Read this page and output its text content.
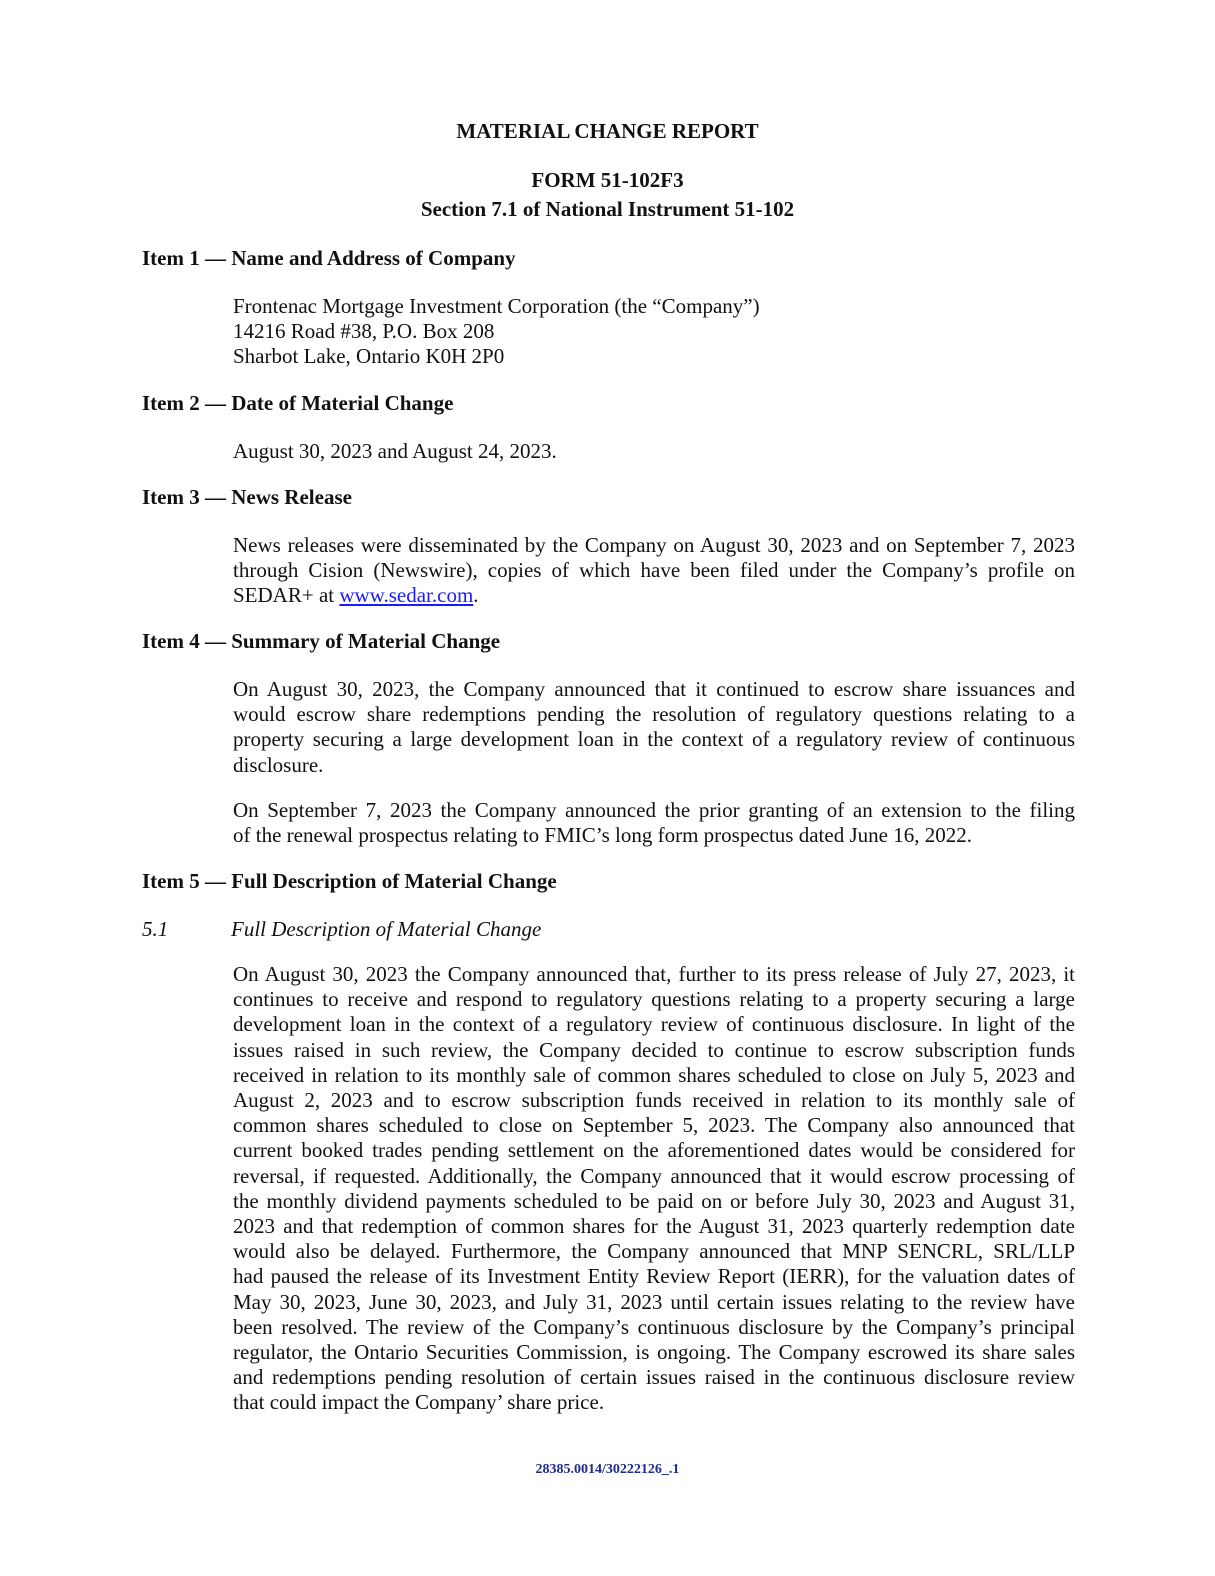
MATERIAL CHANGE REPORT
FORM 51-102F3
Section 7.1 of National Instrument 51-102
Item 1 — Name and Address of Company
Frontenac Mortgage Investment Corporation (the “Company”)
14216 Road #38, P.O. Box 208
Sharbot Lake, Ontario K0H 2P0
Item 2 — Date of Material Change
August 30, 2023 and August 24, 2023.
Item 3 — News Release
News releases were disseminated by the Company on August 30, 2023 and on September 7, 2023
through Cision (Newswire), copies of which have been filed under the Company’s profile on
SEDAR+ at www.sedar.com.
Item 4 — Summary of Material Change
On August 30, 2023, the Company announced that it continued to escrow share issuances and
would escrow share redemptions pending the resolution of regulatory questions relating to a
property securing a large development loan in the context of a regulatory review of continuous
disclosure.
On September 7, 2023 the Company announced the prior granting of an extension to the filing
of the renewal prospectus relating to FMIC’s long form prospectus dated June 16, 2022.
Item 5 — Full Description of Material Change
5.1	Full Description of Material Change
On August 30, 2023 the Company announced that, further to its press release of July 27, 2023, it
continues to receive and respond to regulatory questions relating to a property securing a large
development loan in the context of a regulatory review of continuous disclosure. In light of the
issues raised in such review, the Company decided to continue to escrow subscription funds
received in relation to its monthly sale of common shares scheduled to close on July 5, 2023 and
August 2, 2023 and to escrow subscription funds received in relation to its monthly sale of
common shares scheduled to close on September 5, 2023. The Company also announced that
current booked trades pending settlement on the aforementioned dates would be considered for
reversal, if requested. Additionally, the Company announced that it would escrow processing of
the monthly dividend payments scheduled to be paid on or before July 30, 2023 and August 31,
2023 and that redemption of common shares for the August 31, 2023 quarterly redemption date
would also be delayed. Furthermore, the Company announced that MNP SENCRL, SRL/LLP
had paused the release of its Investment Entity Review Report (IERR), for the valuation dates of
May 30, 2023, June 30, 2023, and July 31, 2023 until certain issues relating to the review have
been resolved. The review of the Company’s continuous disclosure by the Company’s principal
regulator, the Ontario Securities Commission, is ongoing. The Company escrowed its share sales
and redemptions pending resolution of certain issues raised in the continuous disclosure review
that could impact the Company’ share price.
28385.0014/30222126_.1
